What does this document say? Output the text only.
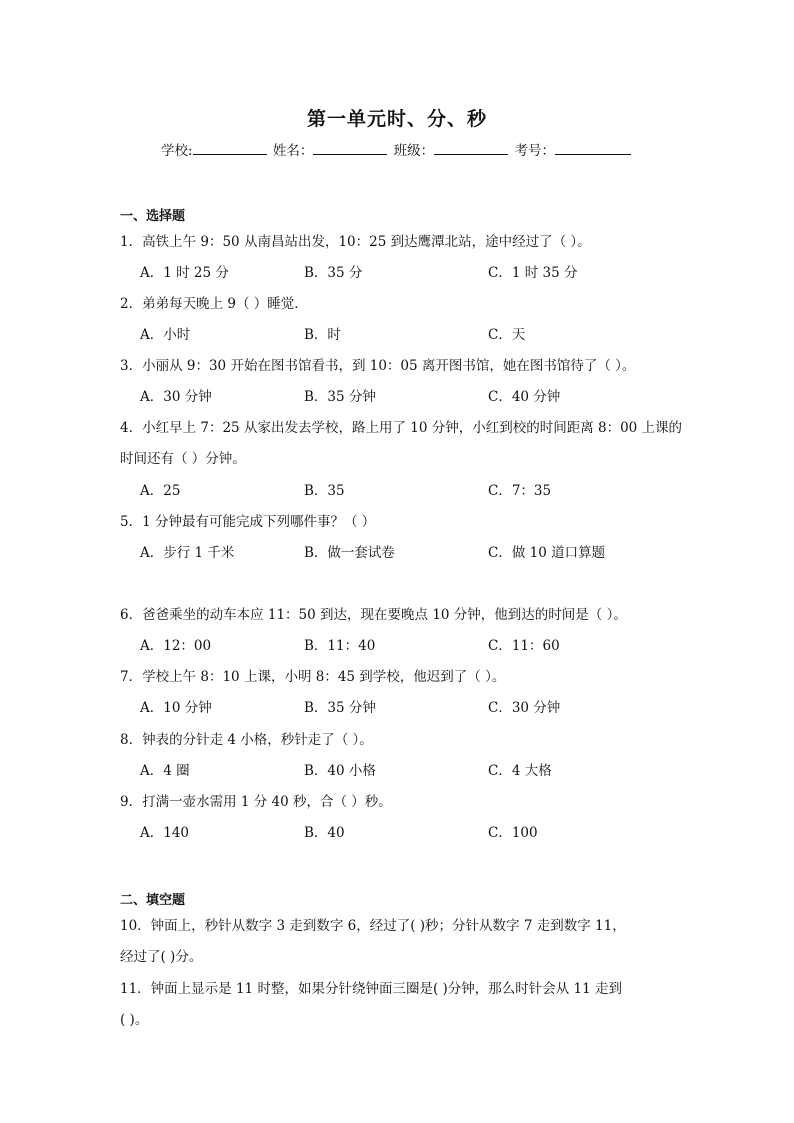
第一单元时、分、秒
学校:	姓名：	班级：	考号：
一、选择题
1．高铁上午 9：50 从南昌站出发，10：25 到达鹰潭北站，途中经过了（ ）。
A．1 时 25 分	B．35 分	C．1 时 35 分
2．弟弟每天晚上 9（ ）睡觉．
A．小时	B．时	C．天
3．小丽从 9：30 开始在图书馆看书，到 10：05 离开图书馆，她在图书馆待了（ ）。
A．30 分钟	B．35 分钟	C．40 分钟
4．小红早上 7：25 从家出发去学校，路上用了 10 分钟，小红到校的时间距离 8：00 上课的
时间还有（ ）分钟。
A．25	B．35	C．7：35
5．1 分钟最有可能完成下列哪件事？（ ）
A．步行 1 千米	B．做一套试卷	C．做 10 道口算题
6．爸爸乘坐的动车本应 11：50 到达，现在要晚点 10 分钟，他到达的时间是（ ）。
A．12：00	B．11：40	C．11：60
7．学校上午 8：10 上课，小明 8：45 到学校，他迟到了（ ）。
A．10 分钟	B．35 分钟	C．30 分钟
8．钟表的分针走 4 小格，秒针走了（ ）。
A．4 圈	B．40 小格	C．4 大格
9．打满一壶水需用 1 分 40 秒，合（ ）秒。
A．140	B．40	C．100
二、填空题
10．钟面上，秒针从数字 3 走到数字 6，经过了( )秒；分针从数字 7 走到数字 11，
经过了( )分。
11．钟面上显示是 11 时整，如果分针绕钟面三圈是( )分钟，那么时针会从 11 走到
( )。
